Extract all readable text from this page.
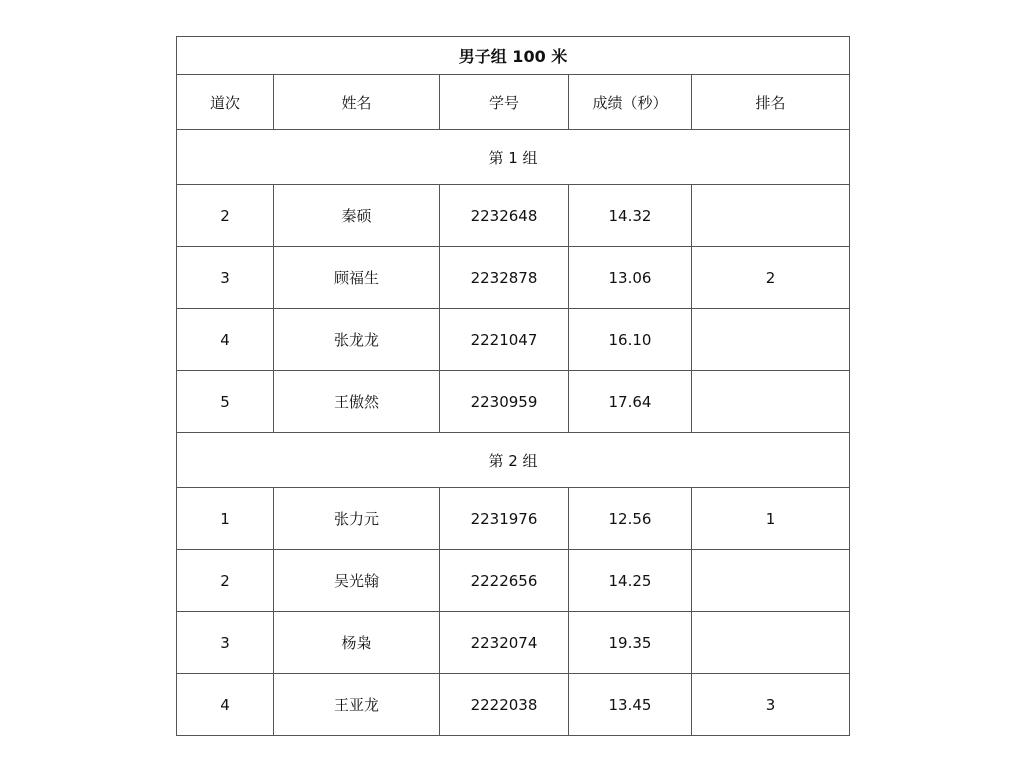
男子组 100 米				
道次	姓名	学号	成绩（秒）	排名
第 1 组				
2	秦硕	2232648	14.32	
3	顾福生	2232878	13.06	2
4	张龙龙	2221047	16.10	
5	王傲然	2230959	17.64	
第 2 组				
1	张力元	2231976	12.56	1
2	吴光翰	2222656	14.25	
3	杨枭	2232074	19.35	
4	王亚龙	2222038	13.45	3
